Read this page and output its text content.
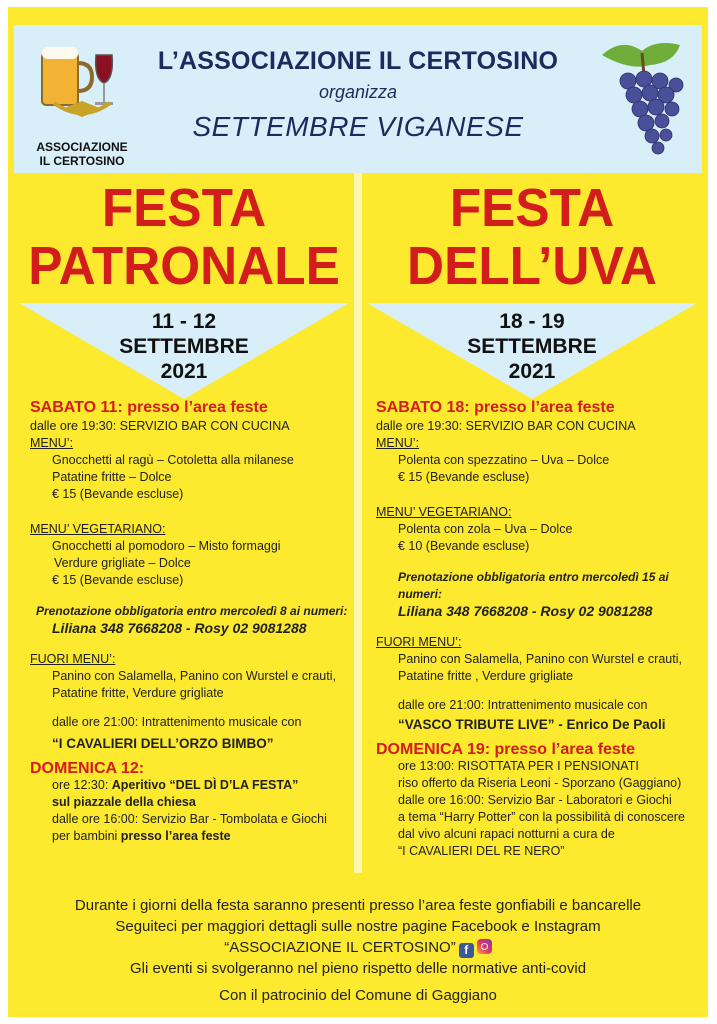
ASSOCIAZIONE
IL CERTOSINO
L’ASSOCIAZIONE IL CERTOSINO
organizza
SETTEMBRE VIGANESE
FESTA
PATRONALE
11 - 12
SETTEMBRE
2021
SABATO 11: presso l’area feste
dalle ore 19:30: SERVIZIO BAR CON CUCINA
MENU’:
Gnocchetti al ragù – Cotoletta alla milanese
Patatine fritte – Dolce
€ 15 (Bevande escluse)
MENU’ VEGETARIANO:
Gnocchetti al pomodoro – Misto formaggi
Verdure grigliate – Dolce
€ 15 (Bevande escluse)
Prenotazione obbligatoria entro mercoledì 8 ai numeri:
Liliana 348 7668208 - Rosy 02 9081288
FUORI MENU’:
Panino con Salamella, Panino con Wurstel e crauti,
Patatine fritte, Verdure grigliate
dalle ore 21:00: Intrattenimento musicale con
“I CAVALIERI DELL’ORZO BIMBO”
DOMENICA 12:
ore 12:30: Aperitivo “DEL DÌ D’LA FESTA”
sul piazzale della chiesa
dalle ore 16:00: Servizio Bar - Tombolata e Giochi
per bambini presso l’area feste
FESTA
DELL’UVA
18 - 19
SETTEMBRE
2021
SABATO 18: presso l’area feste
dalle ore 19:30: SERVIZIO BAR CON CUCINA
MENU’:
Polenta con spezzatino – Uva – Dolce
€ 15 (Bevande escluse)
MENU’ VEGETARIANO:
Polenta con zola – Uva – Dolce
€ 10 (Bevande escluse)
Prenotazione obbligatoria entro mercoledì 15 ai numeri:
Liliana 348 7668208 - Rosy 02 9081288
FUORI MENU’:
Panino con Salamella, Panino con Wurstel e crauti,
Patatine fritte , Verdure grigliate
dalle ore 21:00: Intrattenimento musicale con
“VASCO TRIBUTE LIVE” - Enrico De Paoli
DOMENICA 19: presso l’area feste
ore 13:00: RISOTTATA PER I PENSIONATI
riso offerto da Riseria Leoni - Sporzano (Gaggiano)
dalle ore 16:00: Servizio Bar - Laboratori e Giochi
a tema “Harry Potter” con la possibilità di conoscere
dal vivo alcuni rapaci notturni a cura de
“I CAVALIERI DEL RE NERO”
Durante i giorni della festa saranno presenti presso l’area feste gonfiabili e bancarelle
Seguiteci per maggiori dettagli sulle nostre pagine Facebook e Instagram
“ASSOCIAZIONE IL CERTOSINO” f
Gli eventi si svolgeranno nel pieno rispetto delle normative anti-covid
Con il patrocinio del Comune di Gaggiano
